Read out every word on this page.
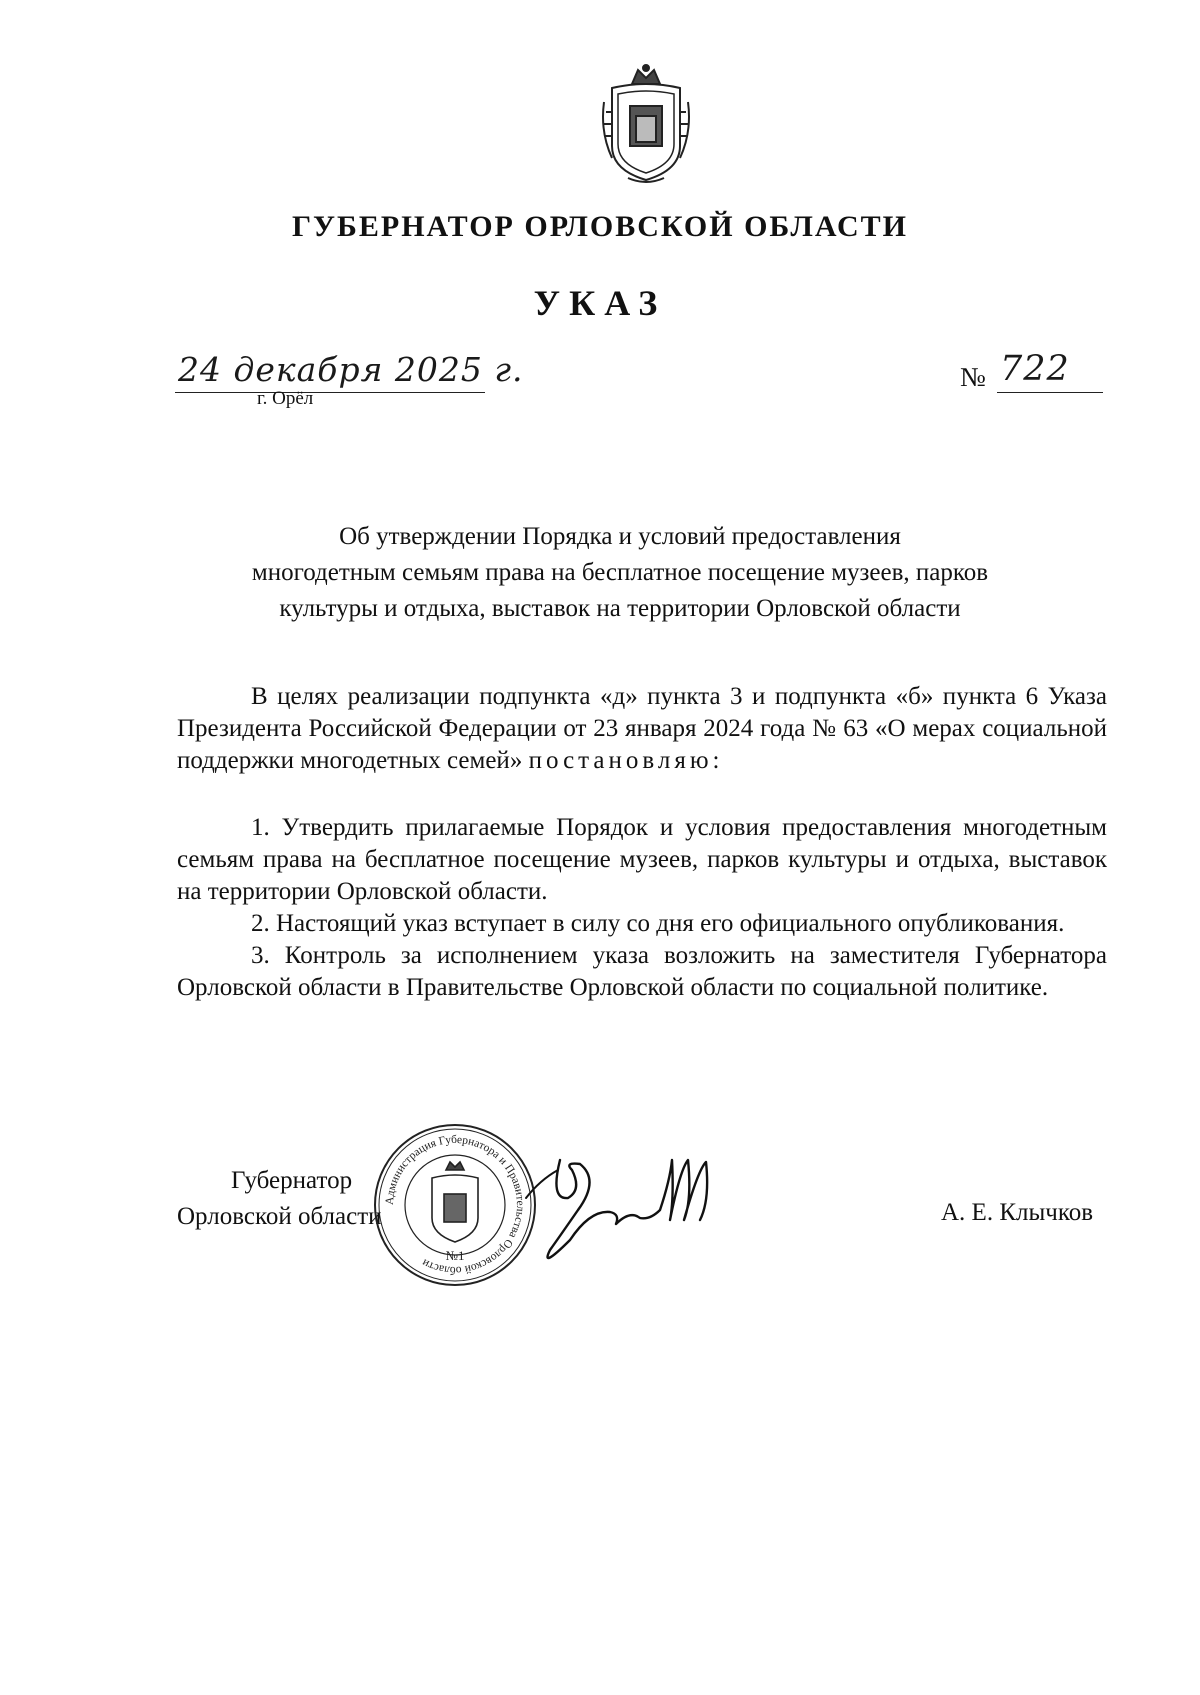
ГУБЕРНАТОР ОРЛОВСКОЙ ОБЛАСТИ
УКАЗ
24 декабря 2025 г.
г. Орёл
№ 722
Об утверждении Порядка и условий предоставления
многодетным семьям права на бесплатное посещение музеев, парков
культуры и отдыха, выставок на территории Орловской области

В целях реализации подпункта «д» пункта 3 и подпункта «б» пункта 6 Указа Президента Российской Федерации от 23 января 2024 года № 63 «О мерах социальной поддержки многодетных семей» постановляю:

1. Утвердить прилагаемые Порядок и условия предоставления многодетным семьям права на бесплатное посещение музеев, парков культуры и отдыха, выставок на территории Орловской области.

2. Настоящий указ вступает в силу со дня его официального опубликования.

3. Контроль за исполнением указа возложить на заместителя Губернатора Орловской области в Правительстве Орловской области по социальной политике.

Губернатор
Орловской области	А. Е. Клычков
Администрация Губернатора и Правительства Орловской области
№1
